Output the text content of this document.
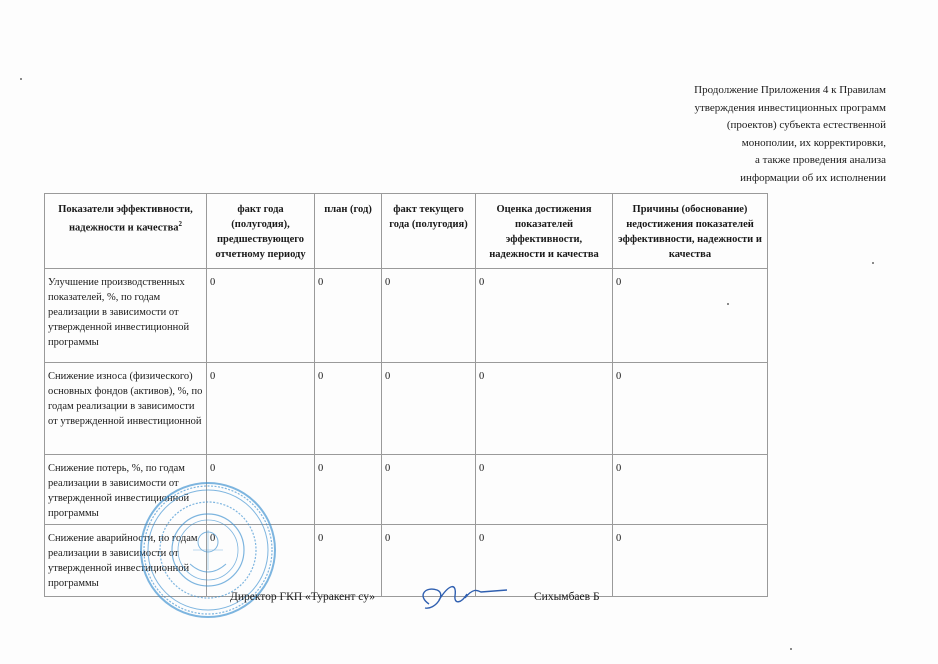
Продолжение Приложения 4 к Правилам
утверждения инвестиционных программ
(проектов) субъекта естественной
монополии, их корректировки,
а также проведения анализа
информации об их исполнении
Показатели эффективности, надежности и качества$^2$	факт года (полугодия), предшествующего отчетному периоду	план (год)	факт текущего года (полугодия)	Оценка достижения показателей эффективности, надежности и качества	Причины (обоснование) недостижения показателей эффективности, надежности и качества
Улучшение производственных показателей, %, по годам реализации в зависимости от утвержденной инвестиционной программы	0	0	0	0	0
Снижение износа (физического) основных фондов (активов), %, по годам реализации в зависимости от утвержденной инвестиционной	0	0	0	0	0
Снижение потерь, %, по годам реализации в зависимости от утвержденной инвестиционной программы	0	0	0	0	0
Снижение аварийности, по годам реализации в зависимости от утвержденной инвестиционной программы	0	0	0	0	0
Директор ГКП «Туракент су»	Сихымбаев Б
